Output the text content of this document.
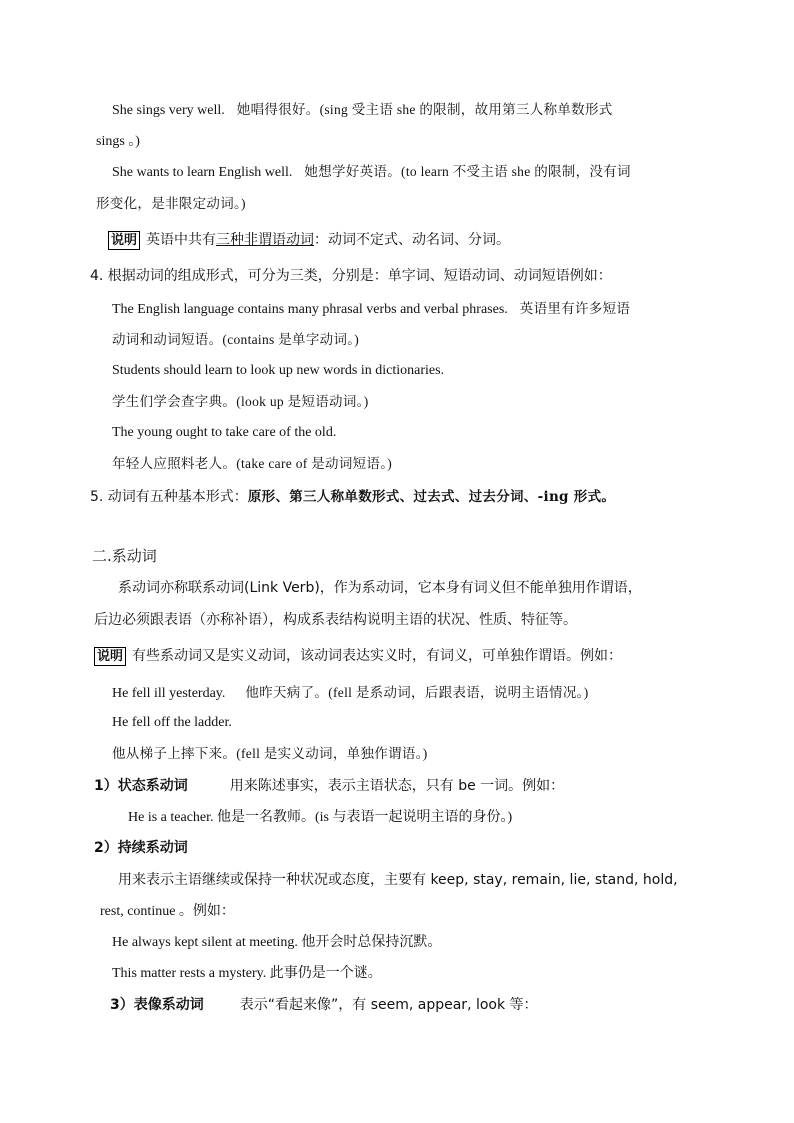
She sings very well. 她唱得很好。(sing 受主语 she 的限制，故用第三人称单数形式
sings 。)
She wants to learn English well. 她想学好英语。(to learn 不受主语 she 的限制，没有词
形变化，是非限定动词。)
说明 英语中共有三种非谓语动词：动词不定式、动名词、分词。
4. 根据动词的组成形式，可分为三类，分别是：单字词、短语动词、动词短语例如：
The English language contains many phrasal verbs and verbal phrases. 英语里有许多短语
动词和动词短语。(contains 是单字动词。)
Students should learn to look up new words in dictionaries.
学生们学会查字典。(look up 是短语动词。)
The young ought to take care of the old.
年轻人应照料老人。(take care of 是动词短语。)
5. 动词有五种基本形式：原形、第三人称单数形式、过去式、过去分词、-ing 形式。
二.系动词
系动词亦称联系动词(Link Verb)，作为系动词，它本身有词义但不能单独用作谓语，
后边必须跟表语（亦称补语），构成系表结构说明主语的状况、性质、特征等。
说明 有些系动词又是实义动词，该动词表达实义时，有词义，可单独作谓语。例如：
He fell ill yesterday. 他昨天病了。(fell 是系动词，后跟表语，说明主语情况。)
He fell off the ladder.
他从梯子上摔下来。(fell 是实义动词，单独作谓语。)
1）状态系动词	用来陈述事实，表示主语状态，只有 be 一词。例如：
He is a teacher. 他是一名教师。(is 与表语一起说明主语的身份。)
2）持续系动词
用来表示主语继续或保持一种状况或态度，主要有 keep, stay, remain, lie, stand, hold,
rest, continue 。例如：
He always kept silent at meeting. 他开会时总保持沉默。
This matter rests a mystery. 此事仍是一个谜。
3）表像系动词	表示“看起来像”，有 seem, appear, look 等：
